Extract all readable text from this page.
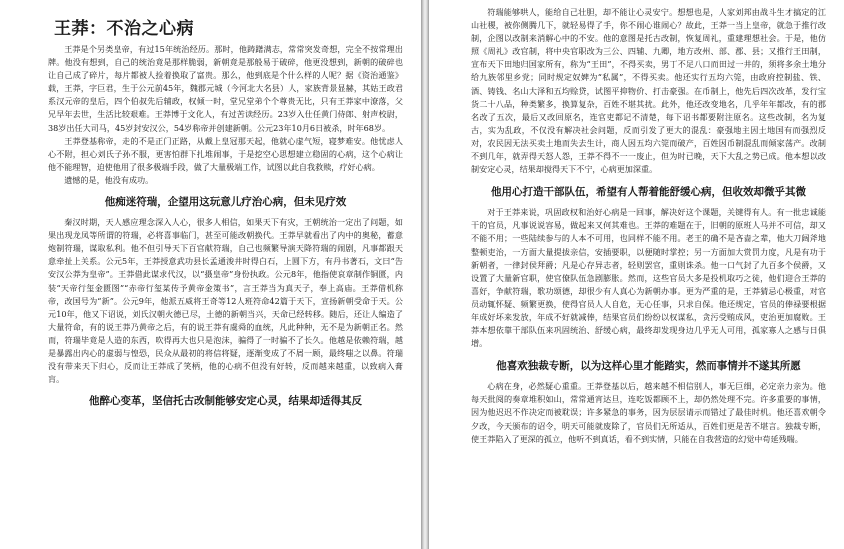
王莽：不治之心病

王莽是个另类皇帝，有过15年统治经历。那时，他踌躇满志，常常突发奇想，完全不按常理出牌。他没有想到，自己的统治竟是那样脆弱，新朝竟是那般易于破碎，他更没想到，新朝的破碎也让自己成了碎片，每片都被人捡着换取了富贵。那么，他到底是个什么样的人呢？据《资治通鉴》载，王莽，字巨君，生于公元前45年，魏郡元城（今河北大名县）人，家族背景显赫，其姑王政君系汉元帝的皇后，四个伯叔先后辅政，权倾一时，堂兄堂弟个个尊贵无比，只有王莽家中潦落，父兄早年去世，生活比较艰难。王莽博于文化人，有过苦读经历。23岁入仕任黄门侍郎、射声校尉，38岁出任大司马，45岁封安汉公，54岁称帝并创建新朝。公元23年10月6日被杀，时年68岁。

王莽登基称帝，走的不是正门正路，从戴上皇冠那天起，他就心虚气短，寝梦难安。他忧虑人心不附，担心刘氏子孙不服，更害怕群下扎堆闹事，于是挖空心思想建立稳固的心病，这个心病让他不能理智，迫使他用了很多极端手段，做了大量极端工作，试图以此自我救赎，疗好心病。

遗憾的是，他没有成功。

他痴迷符瑞，企望用这玩意儿疗治心病，但未见疗效

秦汉时期，天人感应理念深入人心，很多人相信，如果天下有灾，王朝统治一定出了问题，如果出现龙凤等所谓的符瑞，必将喜事临门，甚至可能改朝换代。王莽早就看出了内中的奥秘，蓄意炮制符瑞，谋取私利。他不但引导天下百官献符瑞，自己也频繁导演天降符瑞的闹剧，凡事都跟天意牵扯上关系。公元5年，王莽授意武功县长孟通浚井时得白石，上圆下方，有丹书著石，文曰“告安汉公莽为皇帝”。王莽借此谋求代汉，以“摄皇帝”身份执政。公元8年，他指使哀章制作铜匮，内装“天帝行玺金匮图”“赤帝行玺某传予黄帝金策书”，言王莽当为真天子，奉上高庙。王莽借机称帝，改国号为“新”。公元9年，他派五威将王奇等12人班符命42篇于天下，宣扬新朝受命于天。公元10年，他又下诏说，刘氏汉朝火德已尽，土德的新朝当兴，天命已经转移。随后，还让人编造了大量符命，有的说王莽乃黄帝之后，有的说王莽有虞舜的血统，凡此种种，无不是为新朝正名。然而，符瑞毕竟是人造的东西，吹得再大也只是泡沫，骗得了一时骗不了长久。他越是依赖符瑞，越是暴露出内心的虚弱与惶恐，民众从最初的将信将疑，逐渐变成了不屑一顾，最终嗤之以鼻。符瑞没有带来天下归心，反而让王莽成了笑柄，他的心病不但没有好转，反而越来越重，以致病入膏肓。

他醉心变革，坚信托古改制能够安定心灵，结果却适得其反

符瑞能够哄人，能给自己壮胆，却不能让心灵安宁。想想也是，人家刘邦由战斗生才搞定的江山社稷，被你侧腾几下，就轻易得了手，你不闹心谁闹心？故此，王莽一当上皇帝，就急于推行改制，企图以改制来消解心中的不安。他的意图是托古改制，恢复周礼，重建理想社会。于是，他仿照《周礼》改官制，将中央官职改为三公、四辅、九卿，地方改州、部、郡、县；又推行王田制，宣布天下田地归国家所有，称为“王田”，不得买卖，男丁不足八口而田过一井的，须将多余土地分给九族邻里乡党；同时规定奴婢为“私属”，不得买卖。他还实行五均六筦，由政府控制盐、铁、酒、铸钱、名山大泽和五均赊贷，试图平抑物价、打击豪强。在币制上，他先后四次改革，发行宝货二十八品，种类繁多，换算复杂，百姓不堪其扰。此外，他还改变地名，几乎年年都改，有的郡名改了五次，最后又改回原名，连官吏都记不清楚，每下诏书都要附注原名。这些改制，名为复古，实为乱政，不仅没有解决社会问题，反而引发了更大的混乱：豪强地主因土地国有而强烈反对，农民因无法买卖土地而失去生计，商人因五均六筦而破产，百姓因币制混乱而倾家荡产。改制不到几年，就弄得天怒人怨，王莽不得不一一废止，但为时已晚，天下大乱之势已成。他本想以改制安定心灵，结果却搅得天下不宁，心病更加深重。

他用心打造干部队伍，希望有人帮着能舒缓心病，但收效却微乎其微

对于王莽来说，巩固政权和治好心病是一回事，解决好这个课题，关键得有人。有一批忠诚能干的官员，凡事说说容易，做起来又何其难也。王莽的难题在于，旧朝的原班人马并不可信，却又不能不用；一些陆续参与的人本不可用，也同样不能不用。老王的确不是吝啬之辈，他大刀阔斧地整顿吏治，一方面大量提拔亲信，安插要职，以便随时掌控；另一方面加大赏罚力度，凡是有功于新朝者，一律封侯拜爵；凡是心存异志者，轻则罢官，重则诛杀。他一口气封了九百多个侯爵，又设置了大量新官职，使官僚队伍急剧膨胀。然而，这些官员大多是投机取巧之徒，他们迎合王莽的喜好，争献符瑞，歌功颂德，却很少有人真心为新朝办事。更为严重的是，王莽猜忌心极重，对官员动辄怀疑、频繁更换，使得官员人人自危，无心任事，只求自保。他还规定，官员的俸禄要根据年成好坏来发放，年成不好就减俸，结果官员们纷纷以权谋私，贪污受贿成风，吏治更加腐败。王莽本想依靠干部队伍来巩固统治、舒缓心病，最终却发现身边几乎无人可用，孤家寡人之感与日俱增。

他喜欢独裁专断，以为这样心里才能踏实，然而事情并不遂其所愿

心病在身，必然疑心重重。王莽登基以后，越来越不相信别人，事无巨细，必定亲力亲为。他每天批阅的奏章堆积如山，常常通宵达旦，连吃饭都顾不上，却仍然处理不完。许多重要的事情，因为他迟迟不作决定而被耽误；许多紧急的事务，因为层层请示而错过了最佳时机。他还喜欢朝令夕改，今天颁布的诏令，明天可能就废除了，官员们无所适从，百姓们更是苦不堪言。独裁专断，使王莽陷入了更深的孤立，他听不到真话，看不到实情，只能在自我营造的幻觉中苟延残喘。
